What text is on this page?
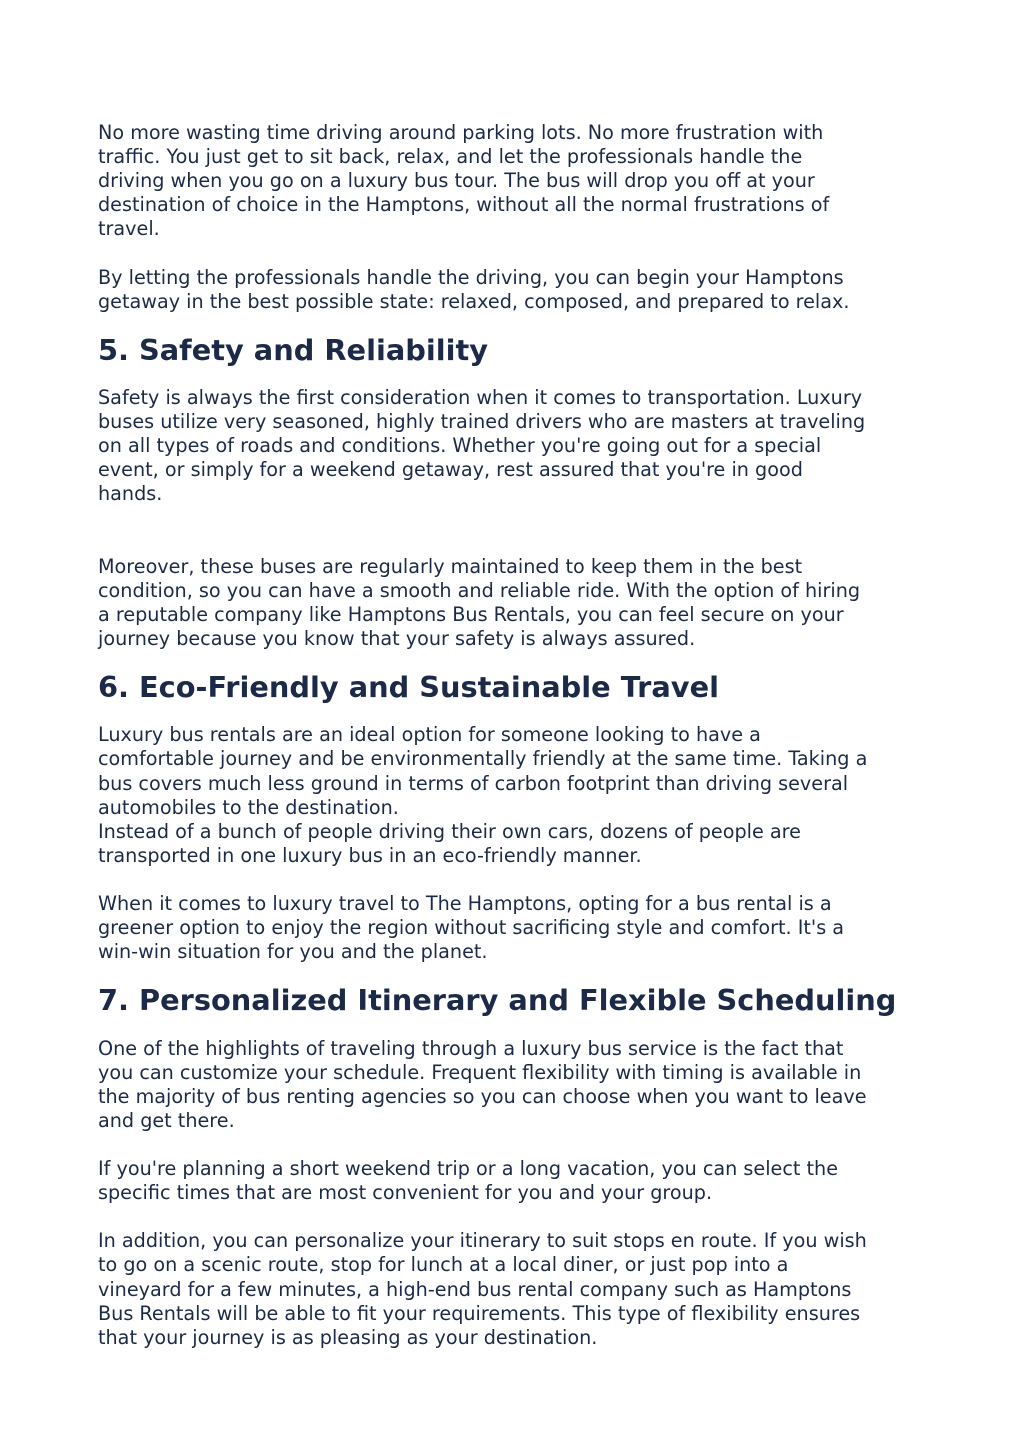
No more wasting time driving around parking lots. No more frustration with
traffic. You just get to sit back, relax, and let the professionals handle the
driving when you go on a luxury bus tour. The bus will drop you off at your
destination of choice in the Hamptons, without all the normal frustrations of
travel.

By letting the professionals handle the driving, you can begin your Hamptons
getaway in the best possible state: relaxed, composed, and prepared to relax.

5. Safety and Reliability

Safety is always the first consideration when it comes to transportation. Luxury
buses utilize very seasoned, highly trained drivers who are masters at traveling
on all types of roads and conditions. Whether you're going out for a special
event, or simply for a weekend getaway, rest assured that you're in good
hands.

Moreover, these buses are regularly maintained to keep them in the best
condition, so you can have a smooth and reliable ride. With the option of hiring
a reputable company like Hamptons Bus Rentals, you can feel secure on your
journey because you know that your safety is always assured.

6. Eco-Friendly and Sustainable Travel

Luxury bus rentals are an ideal option for someone looking to have a
comfortable journey and be environmentally friendly at the same time. Taking a
bus covers much less ground in terms of carbon footprint than driving several
automobiles to the destination.
Instead of a bunch of people driving their own cars, dozens of people are
transported in one luxury bus in an eco-friendly manner.

When it comes to luxury travel to The Hamptons, opting for a bus rental is a
greener option to enjoy the region without sacrificing style and comfort. It's a
win-win situation for you and the planet.

7. Personalized Itinerary and Flexible Scheduling

One of the highlights of traveling through a luxury bus service is the fact that
you can customize your schedule. Frequent flexibility with timing is available in
the majority of bus renting agencies so you can choose when you want to leave
and get there.

If you're planning a short weekend trip or a long vacation, you can select the
specific times that are most convenient for you and your group.

In addition, you can personalize your itinerary to suit stops en route. If you wish
to go on a scenic route, stop for lunch at a local diner, or just pop into a
vineyard for a few minutes, a high-end bus rental company such as Hamptons
Bus Rentals will be able to fit your requirements. This type of flexibility ensures
that your journey is as pleasing as your destination.
